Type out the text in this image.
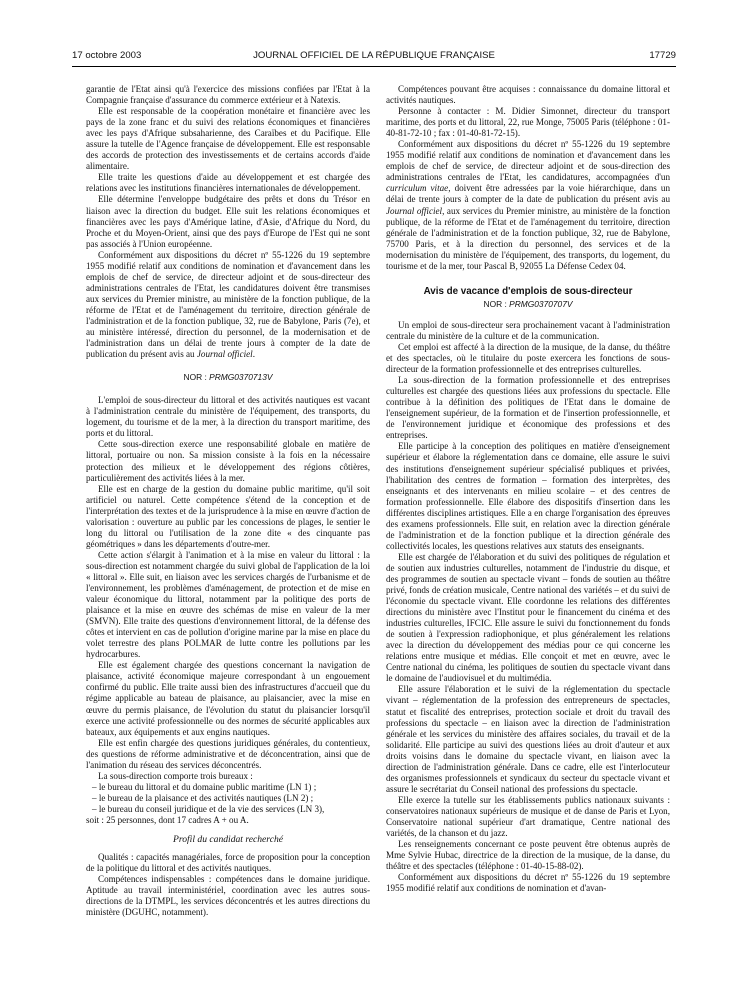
17 octobre 2003	JOURNAL OFFICIEL DE LA RÉPUBLIQUE FRANÇAISE	17729

garantie de l'Etat ainsi qu'à l'exercice des missions confiées par l'Etat à la Compagnie française d'assurance du commerce extérieur et à Natexis.

Elle est responsable de la coopération monétaire et financière avec les pays de la zone franc et du suivi des relations économiques et financières avec les pays d'Afrique subsaharienne, des Caraïbes et du Pacifique. Elle assure la tutelle de l'Agence française de développement. Elle est responsable des accords de protection des investissements et de certains accords d'aide alimentaire.

Elle traite les questions d'aide au développement et est chargée des relations avec les institutions financières internationales de développement.

Elle détermine l'enveloppe budgétaire des prêts et dons du Trésor en liaison avec la direction du budget. Elle suit les relations économiques et financières avec les pays d'Amérique latine, d'Asie, d'Afrique du Nord, du Proche et du Moyen-Orient, ainsi que des pays d'Europe de l'Est qui ne sont pas associés à l'Union européenne.

Conformément aux dispositions du décret nº 55-1226 du 19 septembre 1955 modifié relatif aux conditions de nomination et d'avancement dans les emplois de chef de service, de directeur adjoint et de sous-directeur des administrations centrales de l'Etat, les candidatures doivent être transmises aux services du Premier ministre, au ministère de la fonction publique, de la réforme de l'Etat et de l'aménagement du territoire, direction générale de l'administration et de la fonction publique, 32, rue de Babylone, Paris (7e), et au ministère intéressé, direction du personnel, de la modernisation et de l'administration dans un délai de trente jours à compter de la date de publication du présent avis au Journal officiel.

NOR : PRMG0370713V

L'emploi de sous-directeur du littoral et des activités nautiques est vacant à l'administration centrale du ministère de l'équipement, des transports, du logement, du tourisme et de la mer, à la direction du transport maritime, des ports et du littoral.

Cette sous-direction exerce une responsabilité globale en matière de littoral, portuaire ou non. Sa mission consiste à la fois en la nécessaire protection des milieux et le développement des régions côtières, particulièrement des activités liées à la mer.

Elle est en charge de la gestion du domaine public maritime, qu'il soit artificiel ou naturel. Cette compétence s'étend de la conception et de l'interprétation des textes et de la jurisprudence à la mise en œuvre d'action de valorisation : ouverture au public par les concessions de plages, le sentier le long du littoral ou l'utilisation de la zone dite « des cinquante pas géométriques » dans les départements d'outre-mer.

Cette action s'élargit à l'animation et à la mise en valeur du littoral : la sous-direction est notamment chargée du suivi global de l'application de la loi « littoral ». Elle suit, en liaison avec les services chargés de l'urbanisme et de l'environnement, les problèmes d'aménagement, de protection et de mise en valeur économique du littoral, notamment par la politique des ports de plaisance et la mise en œuvre des schémas de mise en valeur de la mer (SMVN). Elle traite des questions d'environnement littoral, de la défense des côtes et intervient en cas de pollution d'origine marine par la mise en place du volet terrestre des plans POLMAR de lutte contre les pollutions par les hydrocarbures.

Elle est également chargée des questions concernant la navigation de plaisance, activité économique majeure correspondant à un engouement confirmé du public. Elle traite aussi bien des infrastructures d'accueil que du régime applicable au bateau de plaisance, au plaisancier, avec la mise en œuvre du permis plaisance, de l'évolution du statut du plaisancier lorsqu'il exerce une activité professionnelle ou des normes de sécurité applicables aux bateaux, aux équipements et aux engins nautiques.

Elle est enfin chargée des questions juridiques générales, du contentieux, des questions de réforme administrative et de déconcentration, ainsi que de l'animation du réseau des services déconcentrés.

La sous-direction comporte trois bureaux :

– le bureau du littoral et du domaine public maritime (LN 1) ;
– le bureau de la plaisance et des activités nautiques (LN 2) ;
– le bureau du conseil juridique et de la vie des services (LN 3),

soit : 25 personnes, dont 17 cadres A + ou A.

Profil du candidat recherché

Qualités : capacités managériales, force de proposition pour la conception de la politique du littoral et des activités nautiques.

Compétences indispensables : compétences dans le domaine juridique. Aptitude au travail interministériel, coordination avec les autres sous-directions de la DTMPL, les services déconcentrés et les autres directions du ministère (DGUHC, notamment).

Compétences pouvant être acquises : connaissance du domaine littoral et activités nautiques.

Personne à contacter : M. Didier Simonnet, directeur du transport maritime, des ports et du littoral, 22, rue Monge, 75005 Paris (téléphone : 01-40-81-72-10 ; fax : 01-40-81-72-15).

Conformément aux dispositions du décret nº 55-1226 du 19 septembre 1955 modifié relatif aux conditions de nomination et d'avancement dans les emplois de chef de service, de directeur adjoint et de sous-direction des administrations centrales de l'Etat, les candidatures, accompagnées d'un curriculum vitae, doivent être adressées par la voie hiérarchique, dans un délai de trente jours à compter de la date de publication du présent avis au Journal officiel, aux services du Premier ministre, au ministère de la fonction publique, de la réforme de l'Etat et de l'aménagement du territoire, direction générale de l'administration et de la fonction publique, 32, rue de Babylone, 75700 Paris, et à la direction du personnel, des services et de la modernisation du ministère de l'équipement, des transports, du logement, du tourisme et de la mer, tour Pascal B, 92055 La Défense Cedex 04.

Avis de vacance d'emplois de sous-directeur
NOR : PRMG0370707V

Un emploi de sous-directeur sera prochainement vacant à l'administration centrale du ministère de la culture et de la communication.

Cet emploi est affecté à la direction de la musique, de la danse, du théâtre et des spectacles, où le titulaire du poste exercera les fonctions de sous-directeur de la formation professionnelle et des entreprises culturelles.

La sous-direction de la formation professionnelle et des entreprises culturelles est chargée des questions liées aux professions du spectacle. Elle contribue à la définition des politiques de l'Etat dans le domaine de l'enseignement supérieur, de la formation et de l'insertion professionnelle, et de l'environnement juridique et économique des professions et des entreprises.

Elle participe à la conception des politiques en matière d'enseignement supérieur et élabore la réglementation dans ce domaine, elle assure le suivi des institutions d'enseignement supérieur spécialisé publiques et privées, l'habilitation des centres de formation – formation des interprètes, des enseignants et des intervenants en milieu scolaire – et des centres de formation professionnelle. Elle élabore des dispositifs d'insertion dans les différentes disciplines artistiques. Elle a en charge l'organisation des épreuves des examens professionnels. Elle suit, en relation avec la direction générale de l'administration et de la fonction publique et la direction générale des collectivités locales, les questions relatives aux statuts des enseignants.

Elle est chargée de l'élaboration et du suivi des politiques de régulation et de soutien aux industries culturelles, notamment de l'industrie du disque, et des programmes de soutien au spectacle vivant – fonds de soutien au théâtre privé, fonds de création musicale, Centre national des variétés – et du suivi de l'économie du spectacle vivant. Elle coordonne les relations des différentes directions du ministère avec l'Institut pour le financement du cinéma et des industries culturelles, IFCIC. Elle assure le suivi du fonctionnement du fonds de soutien à l'expression radiophonique, et plus généralement les relations avec la direction du développement des médias pour ce qui concerne les relations entre musique et médias. Elle conçoit et met en œuvre, avec le Centre national du cinéma, les politiques de soutien du spectacle vivant dans le domaine de l'audiovisuel et du multimédia.

Elle assure l'élaboration et le suivi de la réglementation du spectacle vivant – réglementation de la profession des entrepreneurs de spectacles, statut et fiscalité des entreprises, protection sociale et droit du travail des professions du spectacle – en liaison avec la direction de l'administration générale et les services du ministère des affaires sociales, du travail et de la solidarité. Elle participe au suivi des questions liées au droit d'auteur et aux droits voisins dans le domaine du spectacle vivant, en liaison avec la direction de l'administration générale. Dans ce cadre, elle est l'interlocuteur des organismes professionnels et syndicaux du secteur du spectacle vivant et assure le secrétariat du Conseil national des professions du spectacle.

Elle exerce la tutelle sur les établissements publics nationaux suivants : conservatoires nationaux supérieurs de musique et de danse de Paris et Lyon, Conservatoire national supérieur d'art dramatique, Centre national des variétés, de la chanson et du jazz.

Les renseignements concernant ce poste peuvent être obtenus auprès de Mme Sylvie Hubac, directrice de la direction de la musique, de la danse, du théâtre et des spectacles (téléphone : 01-40-15-88-02).

Conformément aux dispositions du décret nº 55-1226 du 19 septembre 1955 modifié relatif aux conditions de nomination et d'avan-
